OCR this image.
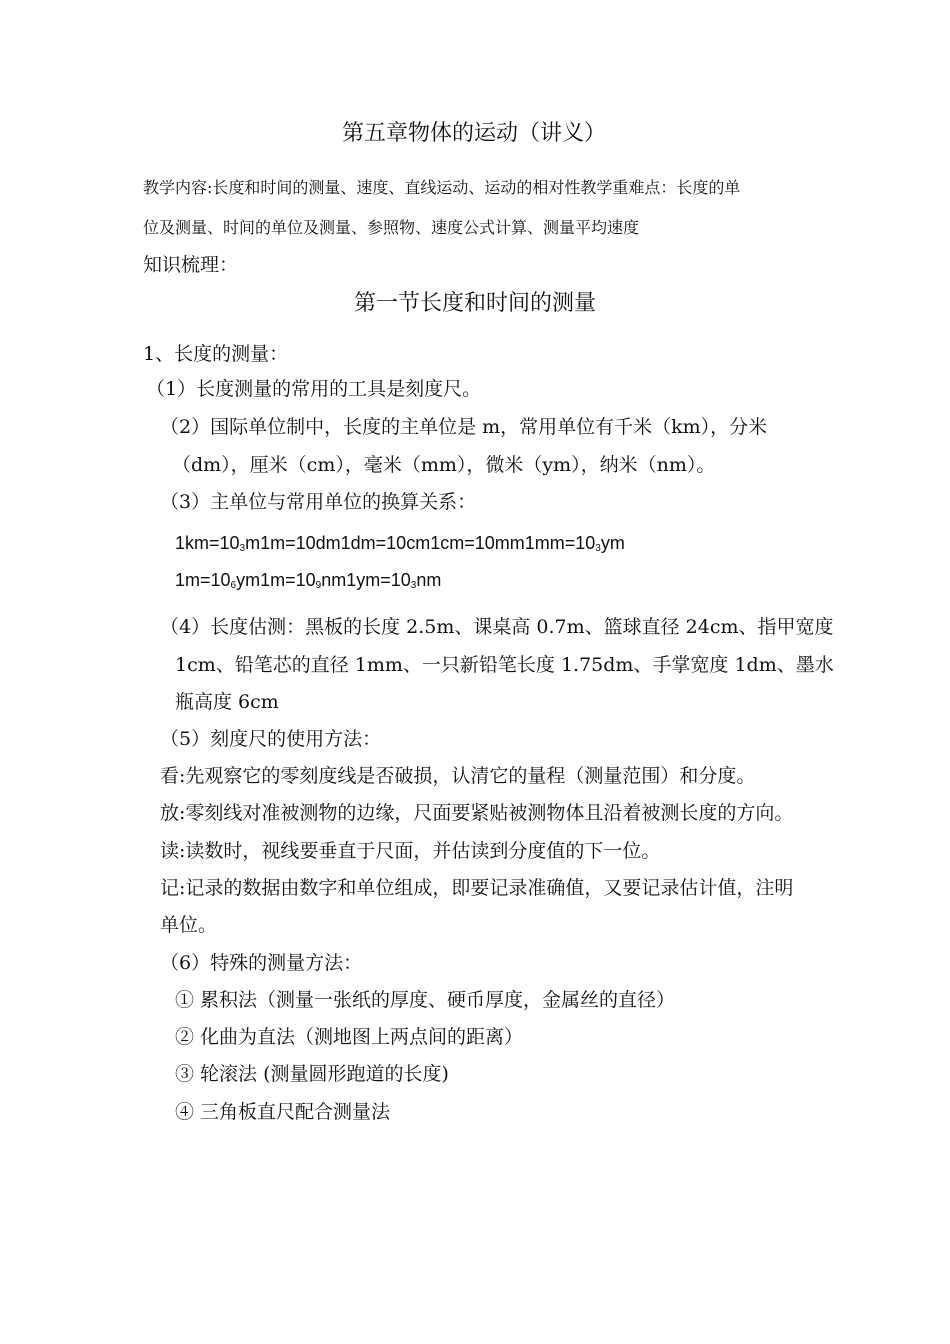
第五章物体的运动（讲义）
教学内容:长度和时间的测量、速度、直线运动、运动的相对性教学重难点：长度的单
位及测量、时间的单位及测量、参照物、速度公式计算、测量平均速度
知识梳理：
第一节长度和时间的测量
1、长度的测量：
（1）长度测量的常用的工具是刻度尺。
（2）国际单位制中，长度的主单位是 m，常用单位有千米（km），分米
（dm），厘米（cm），毫米（mm），微米（ym），纳米（nm）。
（3）主单位与常用单位的换算关系：
$1km=10_3m1m=10dm1dm=10cm1cm=10mm1mm=10_3ym$
$1m=10_6ym1m=10_9nm1ym=10_3nm$
（4）长度估测：黑板的长度 2.5m、课桌高 0.7m、篮球直径 24cm、指甲宽度
1cm、铅笔芯的直径 1mm、一只新铅笔长度 1.75dm、手掌宽度 1dm、墨水
瓶高度 6cm
（5）刻度尺的使用方法：
看:先观察它的零刻度线是否破损，认清它的量程（测量范围）和分度。
放:零刻线对准被测物的边缘，尺面要紧贴被测物体且沿着被测长度的方向。
读:读数时，视线要垂直于尺面，并估读到分度值的下一位。
记:记录的数据由数字和单位组成，即要记录准确值，又要记录估计值，注明
单位。
（6）特殊的测量方法：
① 累积法（测量一张纸的厚度、硬币厚度，金属丝的直径）
② 化曲为直法（测地图上两点间的距离）
③ 轮滚法 (测量圆形跑道的长度)
④ 三角板直尺配合测量法
